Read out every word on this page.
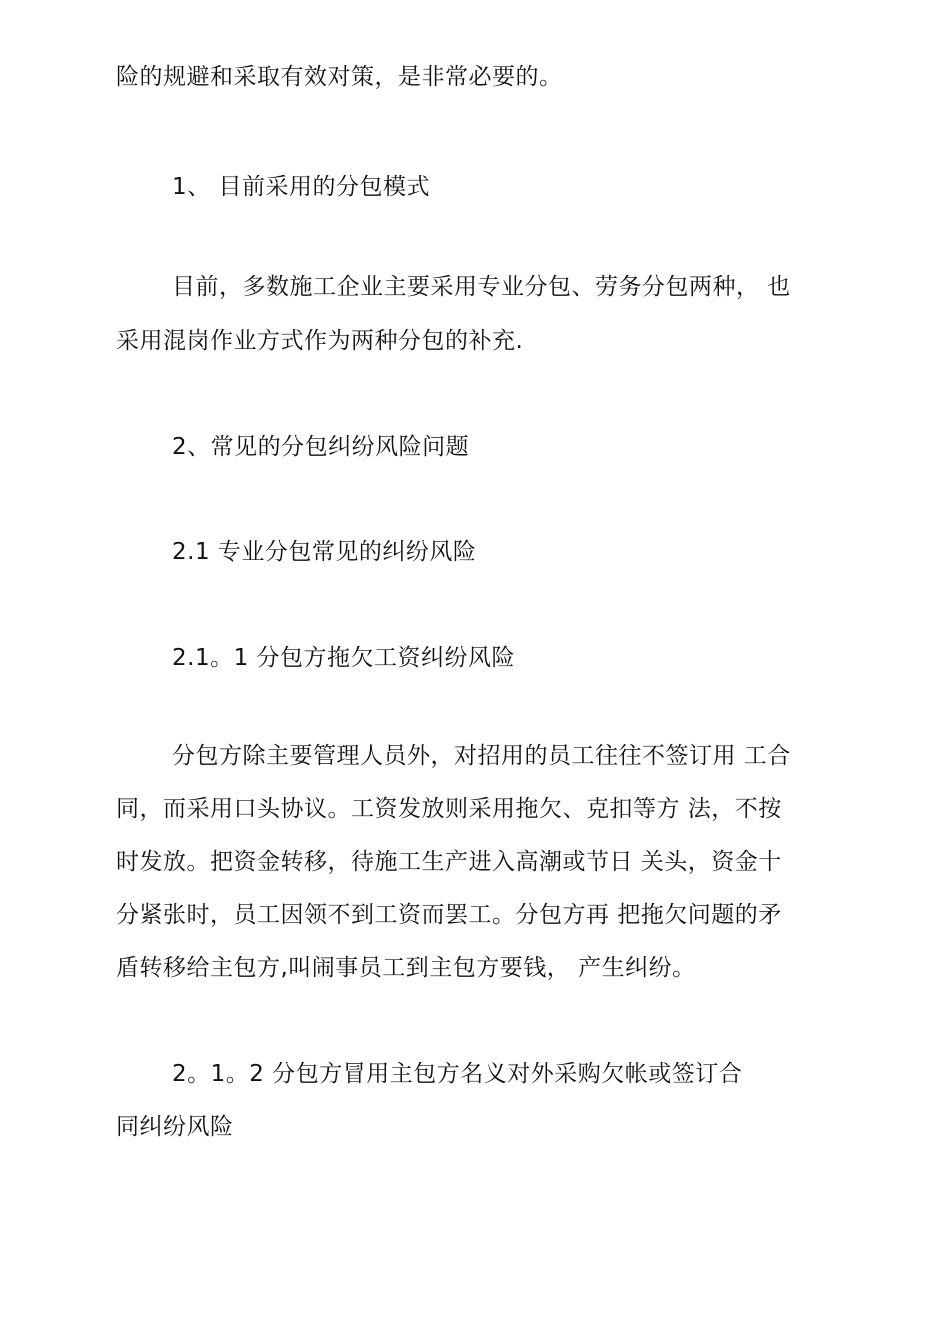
险的规避和采取有效对策，是非常必要的。
1、 目前采用的分包模式
目前，多数施工企业主要采用专业分包、劳务分包两种， 也
采用混岗作业方式作为两种分包的补充.
2、常见的分包纠纷风险问题
2.1 专业分包常见的纠纷风险
2.1。1 分包方拖欠工资纠纷风险
分包方除主要管理人员外，对招用的员工往往不签订用 工合
同，而采用口头协议。工资发放则采用拖欠、克扣等方 法，不按
时发放。把资金转移，待施工生产进入高潮或节日 关头，资金十
分紧张时，员工因领不到工资而罢工。分包方再 把拖欠问题的矛
盾转移给主包方,叫闹事员工到主包方要钱， 产生纠纷。
2。1。2 分包方冒用主包方名义对外采购欠帐或签订合
同纠纷风险
